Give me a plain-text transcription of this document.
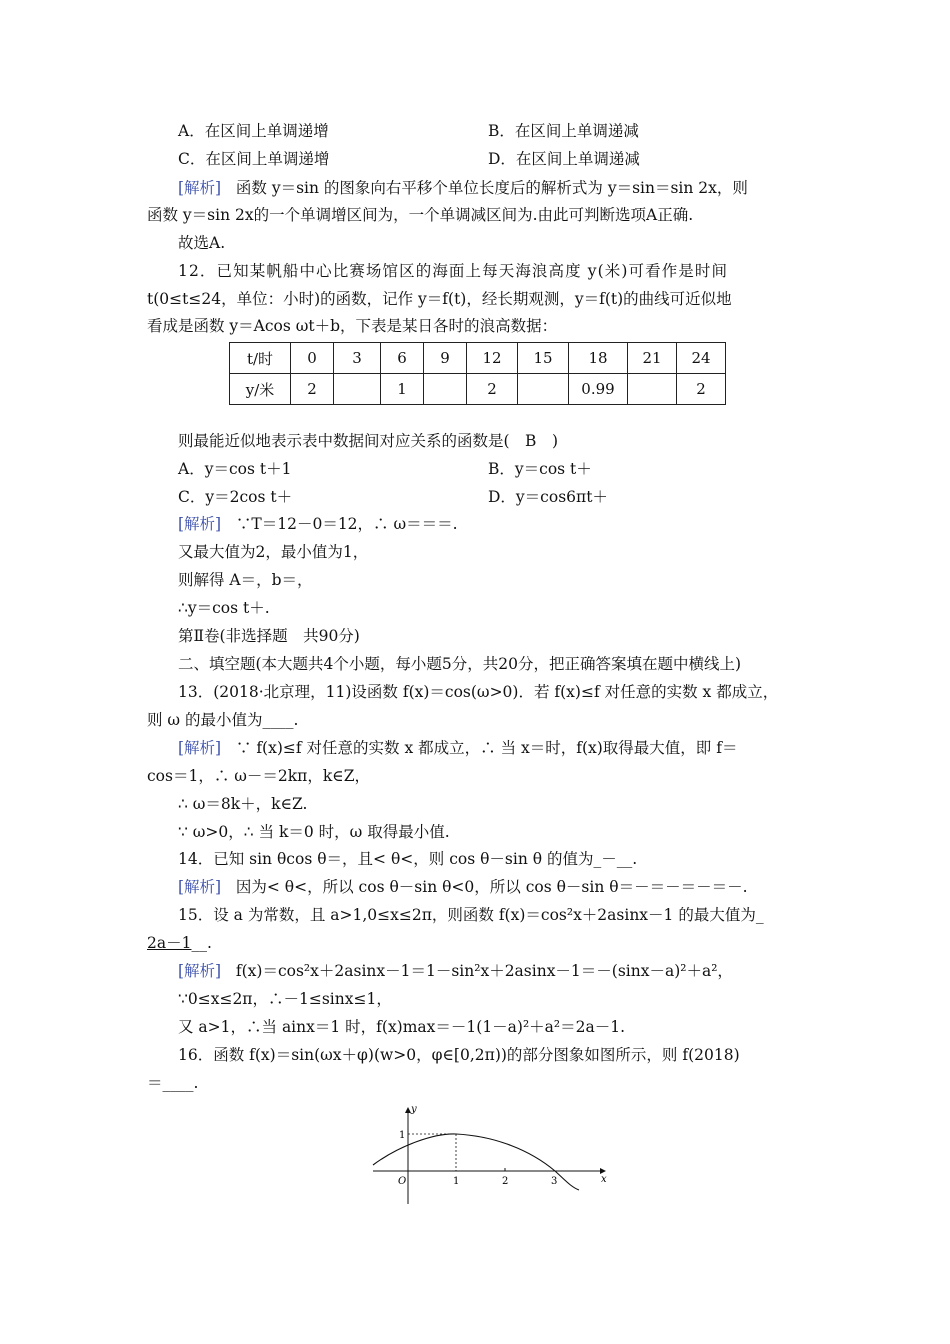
A．在区间上单调递增	B．在区间上单调递减
C．在区间上单调递增	D．在区间上单调递减
[解析] 函数 y＝sin 的图象向右平移个单位长度后的解析式为 y＝sin＝sin 2x，则
函数 y＝sin 2x的一个单调增区间为，一个单调减区间为.由此可判断选项A正确.
故选A.
12．已知某帆船中心比赛场馆区的海面上每天海浪高度 y(米)可看作是时间
t(0≤t≤24，单位：小时)的函数，记作 y＝f(t)，经长期观测，y＝f(t)的曲线可近似地
看成是函数 y＝Acos ωt＋b，下表是某日各时的浪高数据：
t/时	0	3	6	9	12	15	18	21	24
y/米	2		1		2		0.99		2
则最能近似地表示表中数据间对应关系的函数是(　B　)
A．y＝cos t＋1	B．y＝cos t＋
C．y＝2cos t＋	D．y＝cos6πt＋
[解析] ∵T＝12－0＝12，∴ ω＝＝＝.
又最大值为2，最小值为1，
则解得 A＝，b＝，
∴y＝cos t＋.
第Ⅱ卷(非选择题　共90分)
二、填空题(本大题共4个小题，每小题5分，共20分，把正确答案填在题中横线上)
13．(2018·北京理，11)设函数 f(x)＝cos(ω>0)．若 f(x)≤f 对任意的实数 x 都成立，
则 ω 的最小值为____.
[解析] ∵ f(x)≤f 对任意的实数 x 都成立，∴ 当 x＝时，f(x)取得最大值，即 f＝
cos＝1，∴ ω－＝2kπ，k∈Z，
∴ ω＝8k＋，k∈Z.
∵ ω>0，∴ 当 k＝0 时，ω 取得最小值.
14．已知 sin θcos θ＝，且< θ<，则 cos θ－sin θ 的值为_－__.
[解析] 因为< θ<，所以 cos θ－sin θ<0，所以 cos θ－sin θ＝－＝－＝－＝－.
15．设 a 为常数，且 a>1,0≤x≤2π，则函数 f(x)＝cos²x＋2asinx－1 的最大值为_
2a－1__.
[解析] f(x)＝cos²x＋2asinx－1＝1－sin²x＋2asinx－1＝－(sinx－a)²＋a²，
∵0≤x≤2π，∴－1≤sinx≤1，
又 a>1，∴当 ainx＝1 时，f(x)max＝－1(1－a)²＋a²＝2a－1.
16．函数 f(x)＝sin(ωx＋φ)(w>0，φ∈[0,2π))的部分图象如图所示，则 f(2018)
＝____.
y
x
O
1
1	2	3
